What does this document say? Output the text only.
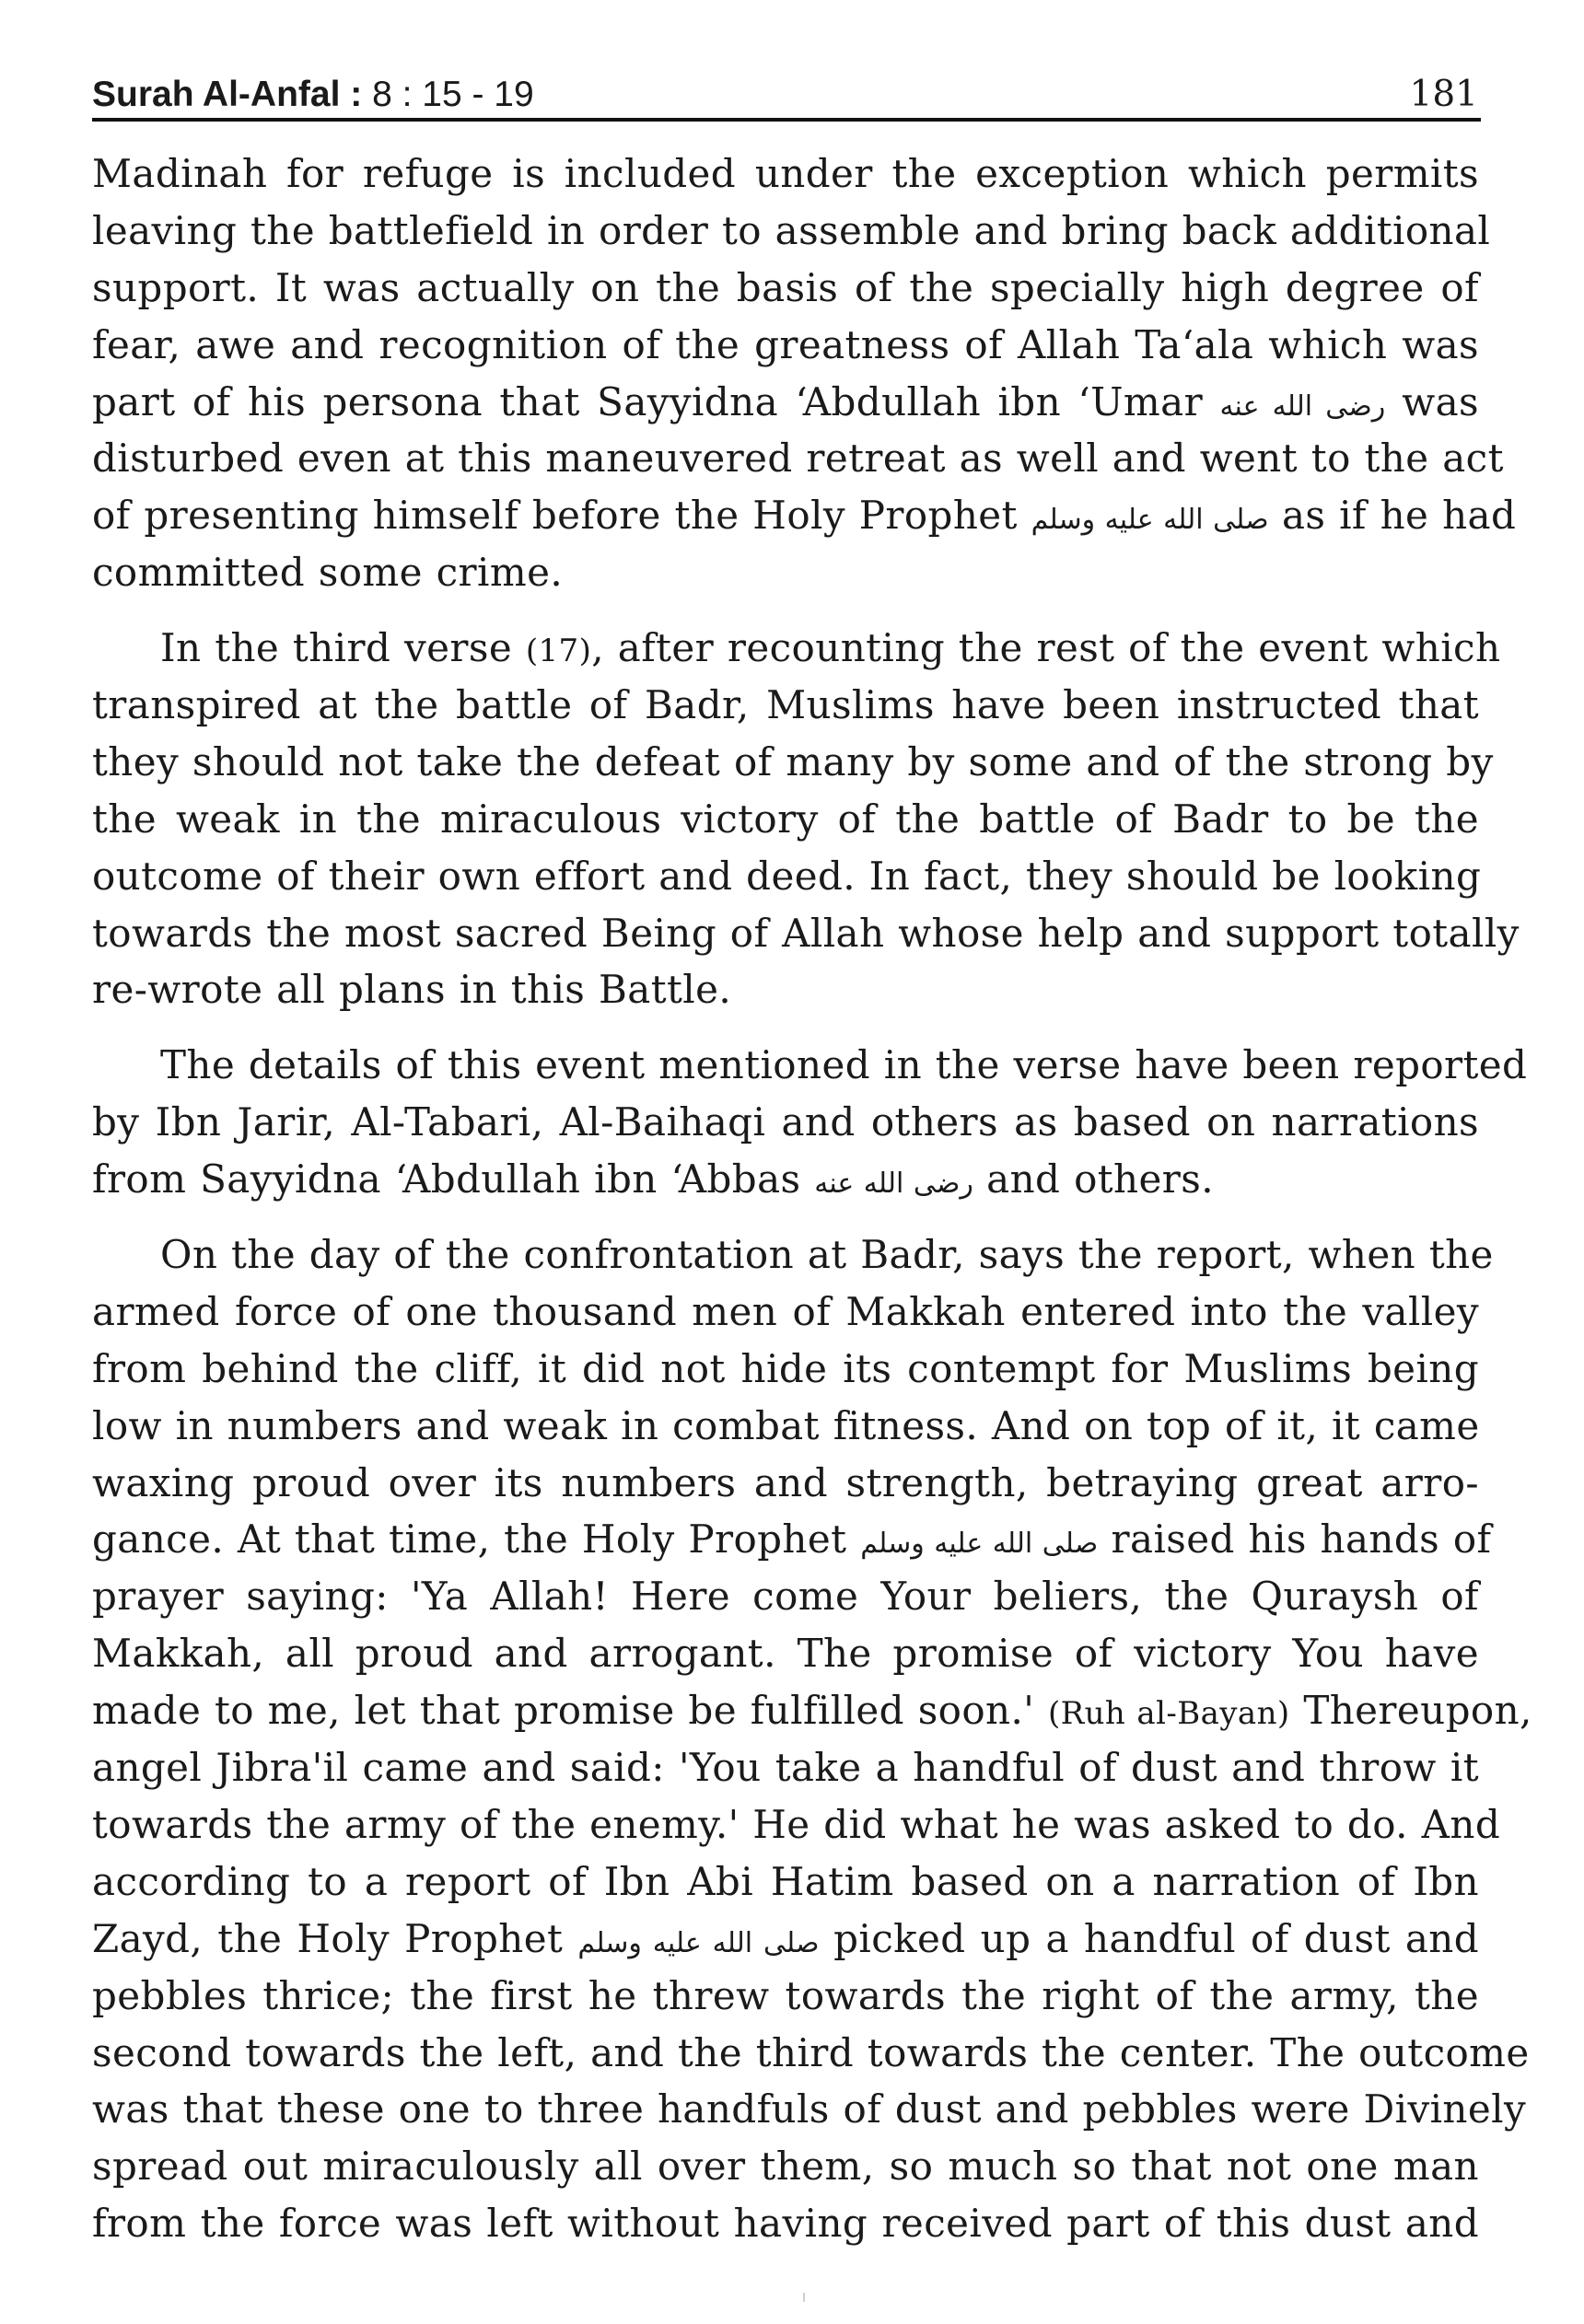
Surah Al-Anfal : 8 : 15 - 19	181
Madinah for refuge is included under the exception which permits
leaving the battlefield in order to assemble and bring back additional
support. It was actually on the basis of the specially high degree of
fear, awe and recognition of the greatness of Allah Ta‘ala which was
part of his persona that Sayyidna ‘Abdullah ibn ‘Umar رضى الله عنه was
disturbed even at this maneuvered retreat as well and went to the act
of presenting himself before the Holy Prophet صلى الله عليه وسلم as if he had
committed some crime.
In the third verse (17), after recounting the rest of the event which
transpired at the battle of Badr, Muslims have been instructed that
they should not take the defeat of many by some and of the strong by
the weak in the miraculous victory of the battle of Badr to be the
outcome of their own effort and deed. In fact, they should be looking
towards the most sacred Being of Allah whose help and support totally
re-wrote all plans in this Battle.
The details of this event mentioned in the verse have been reported
by Ibn Jarir, Al-Tabari, Al-Baihaqi and others as based on narrations
from Sayyidna ‘Abdullah ibn ‘Abbas رضى الله عنه and others.
On the day of the confrontation at Badr, says the report, when the
armed force of one thousand men of Makkah entered into the valley
from behind the cliff, it did not hide its contempt for Muslims being
low in numbers and weak in combat fitness. And on top of it, it came
waxing proud over its numbers and strength, betraying great arro-
gance. At that time, the Holy Prophet صلى الله عليه وسلم raised his hands of
prayer saying: 'Ya Allah! Here come Your beliers, the Quraysh of
Makkah, all proud and arrogant. The promise of victory You have
made to me, let that promise be fulfilled soon.' (Ruh al-Bayan) Thereupon,
angel Jibra'il came and said: 'You take a handful of dust and throw it
towards the army of the enemy.' He did what he was asked to do. And
according to a report of Ibn Abi Hatim based on a narration of Ibn
Zayd, the Holy Prophet صلى الله عليه وسلم picked up a handful of dust and
pebbles thrice; the first he threw towards the right of the army, the
second towards the left, and the third towards the center. The outcome
was that these one to three handfuls of dust and pebbles were Divinely
spread out miraculously all over them, so much so that not one man
from the force was left without having received part of this dust and
